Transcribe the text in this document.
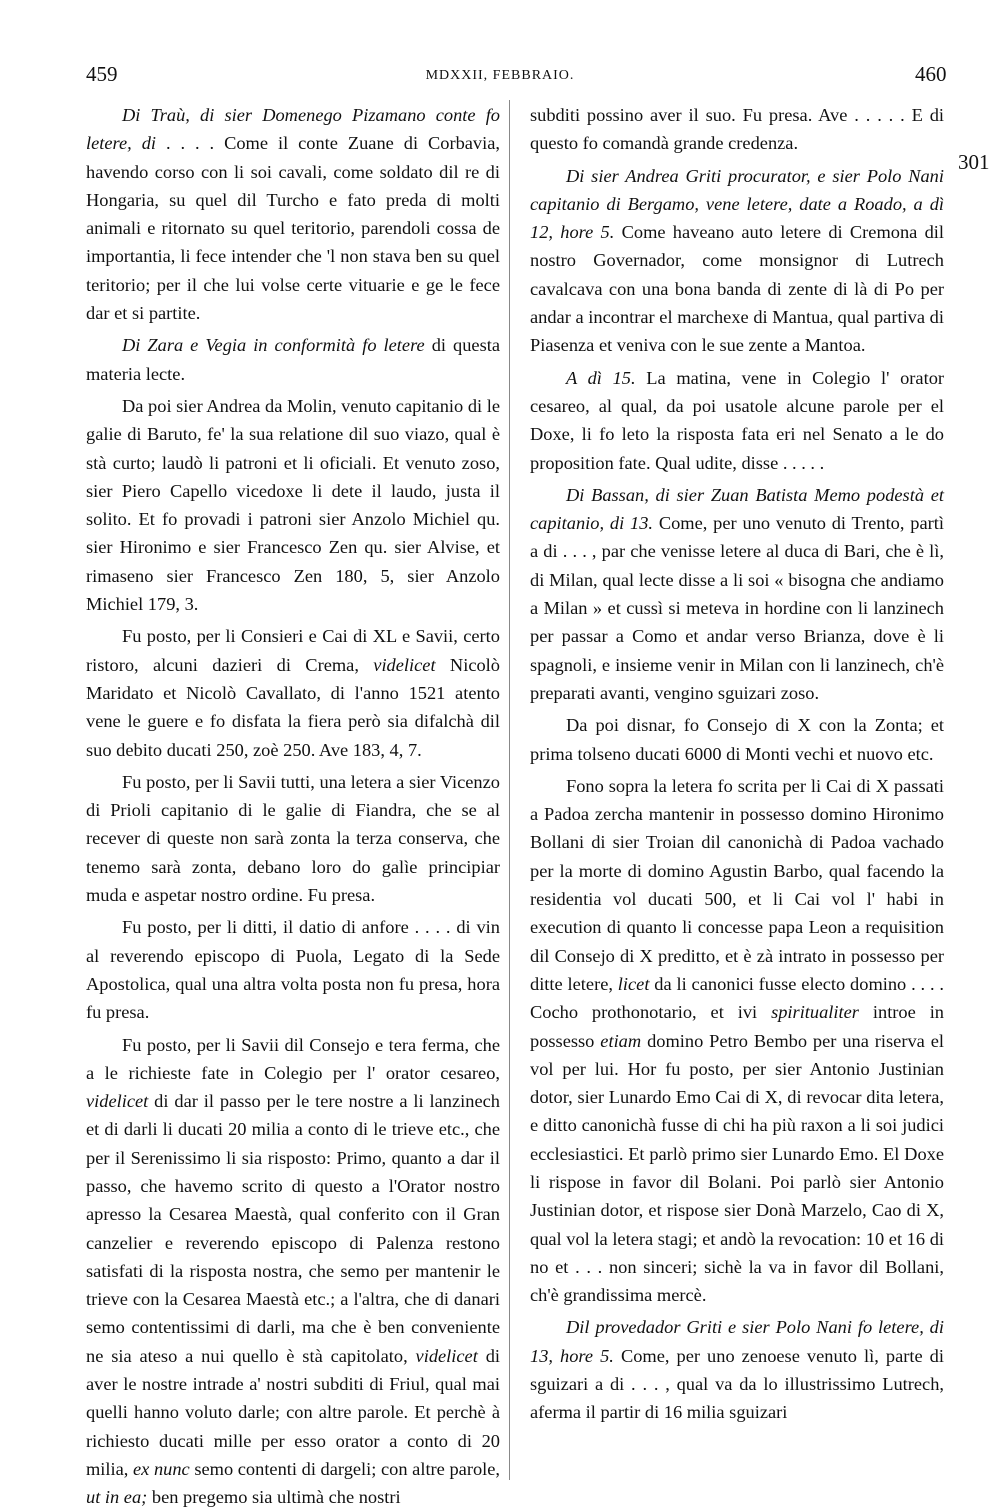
459	MDXXII, FEBBRAIO.	460
301

Di Traù, di sier Domenego Pizamano conte fo letere, di . . . . Come il conte Zuane di Corbavia, havendo corso con li soi cavali, come soldato dil re di Hongaria, su quel dil Turcho e fato preda di molti animali e ritornato su quel teritorio, parendoli cossa de importantia, li fece intender che 'l non stava ben su quel teritorio; per il che lui volse certe vituarie e ge le fece dar et si partite.

Di Zara e Vegia in conformità fo letere di questa materia lecte.

Da poi sier Andrea da Molin, venuto capitanio di le galie di Baruto, fe' la sua relatione dil suo viazo, qual è stà curto; laudò li patroni et li oficiali. Et venuto zoso, sier Piero Capello vicedoxe li dete il laudo, justa il solito. Et fo provadi i patroni sier Anzolo Michiel qu. sier Hironimo e sier Francesco Zen qu. sier Alvise, et rimaseno sier Francesco Zen 180, 5, sier Anzolo Michiel 179, 3.

Fu posto, per li Consieri e Cai di XL e Savii, certo ristoro, alcuni dazieri di Crema, videlicet Nicolò Maridato et Nicolò Cavallato, di l'anno 1521 atento vene le guere e fo disfata la fiera però sia difalchà dil suo debito ducati 250, zoè 250. Ave 183, 4, 7.

Fu posto, per li Savii tutti, una letera a sier Vicenzo di Prioli capitanio di le galie di Fiandra, che se al recever di queste non sarà zonta la terza conserva, che tenemo sarà zonta, debano loro do galìe principiar muda e aspetar nostro ordine. Fu presa.

Fu posto, per li ditti, il datio di anfore . . . . di vin al reverendo episcopo di Puola, Legato di la Sede Apostolica, qual una altra volta posta non fu presa, hora fu presa.

Fu posto, per li Savii dil Consejo e tera ferma, che a le richieste fate in Colegio per l' orator cesareo, videlicet di dar il passo per le tere nostre a li lanzinech et di darli li ducati 20 milia a conto di le trieve etc., che per il Serenissimo li sia risposto: Primo, quanto a dar il passo, che havemo scrito di questo a l'Orator nostro apresso la Cesarea Maestà, qual conferito con il Gran canzelier e reverendo episcopo di Palenza restono satisfati di la risposta nostra, che semo per mantenir le trieve con la Cesarea Maestà etc.; a l'altra, che di danari semo contentissimi di darli, ma che è ben conveniente ne sia ateso a nui quello è stà capitolato, videlicet di aver le nostre intrade a' nostri subditi di Friul, qual mai quelli hanno voluto darle; con altre parole. Et perchè à richiesto ducati mille per esso orator a conto di 20 milia, ex nunc semo contenti di dargeli; con altre parole, ut in ea; ben pregemo sia ultimà che nostri

subditi possino aver il suo. Fu presa. Ave . . . . . E di questo fo comandà grande credenza.

Di sier Andrea Griti procurator, e sier Polo Nani capitanio di Bergamo, vene letere, date a Roado, a dì 12, hore 5. Come haveano auto letere di Cremona dil nostro Governador, come monsignor di Lutrech cavalcava con una bona banda di zente di là di Po per andar a incontrar el marchexe di Mantua, qual partiva di Piasenza et veniva con le sue zente a Mantoa.

A dì 15. La matina, vene in Colegio l' orator cesareo, al qual, da poi usatole alcune parole per el Doxe, li fo leto la risposta fata eri nel Senato a le do proposition fate. Qual udite, disse . . . . .

Di Bassan, di sier Zuan Batista Memo podestà et capitanio, di 13. Come, per uno venuto di Trento, partì a di . . . , par che venisse letere al duca di Bari, che è lì, di Milan, qual lecte disse a li soi « bisogna che andiamo a Milan » et cussì si meteva in hordine con li lanzinech per passar a Como et andar verso Brianza, dove è li spagnoli, e insieme venir in Milan con li lanzinech, ch'è preparati avanti, vengino sguizari zoso.

Da poi disnar, fo Consejo di X con la Zonta; et prima tolseno ducati 6000 di Monti vechi et nuovo etc.

Fono sopra la letera fo scrita per li Cai di X passati a Padoa zercha mantenir in possesso domino Hironimo Bollani di sier Troian dil canonichà di Padoa vachado per la morte di domino Agustin Barbo, qual facendo la residentia vol ducati 500, et li Cai vol l' habi in execution di quanto li concesse papa Leon a requisition dil Consejo di X preditto, et è zà intrato in possesso per ditte letere, licet da li canonici fusse electo domino . . . . Cocho prothonotario, et ivi spiritualiter introe in possesso etiam domino Petro Bembo per una riserva el vol per lui. Hor fu posto, per sier Antonio Justinian dotor, sier Lunardo Emo Cai di X, di revocar dita letera, e ditto canonichà fusse di chi ha più raxon a li soi judici ecclesiastici. Et parlò primo sier Lunardo Emo. El Doxe li rispose in favor dil Bolani. Poi parlò sier Antonio Justinian dotor, et rispose sier Donà Marzelo, Cao di X, qual vol la letera stagi; et andò la revocation: 10 et 16 di no et . . . non sinceri; sichè la va in favor dil Bollani, ch'è grandissima mercè.

Dil provedador Griti e sier Polo Nani fo letere, di 13, hore 5. Come, per uno zenoese venuto lì, parte di sguizari a di . . . , qual va da lo illustrissimo Lutrech, aferma il partir di 16 milia sguizari
